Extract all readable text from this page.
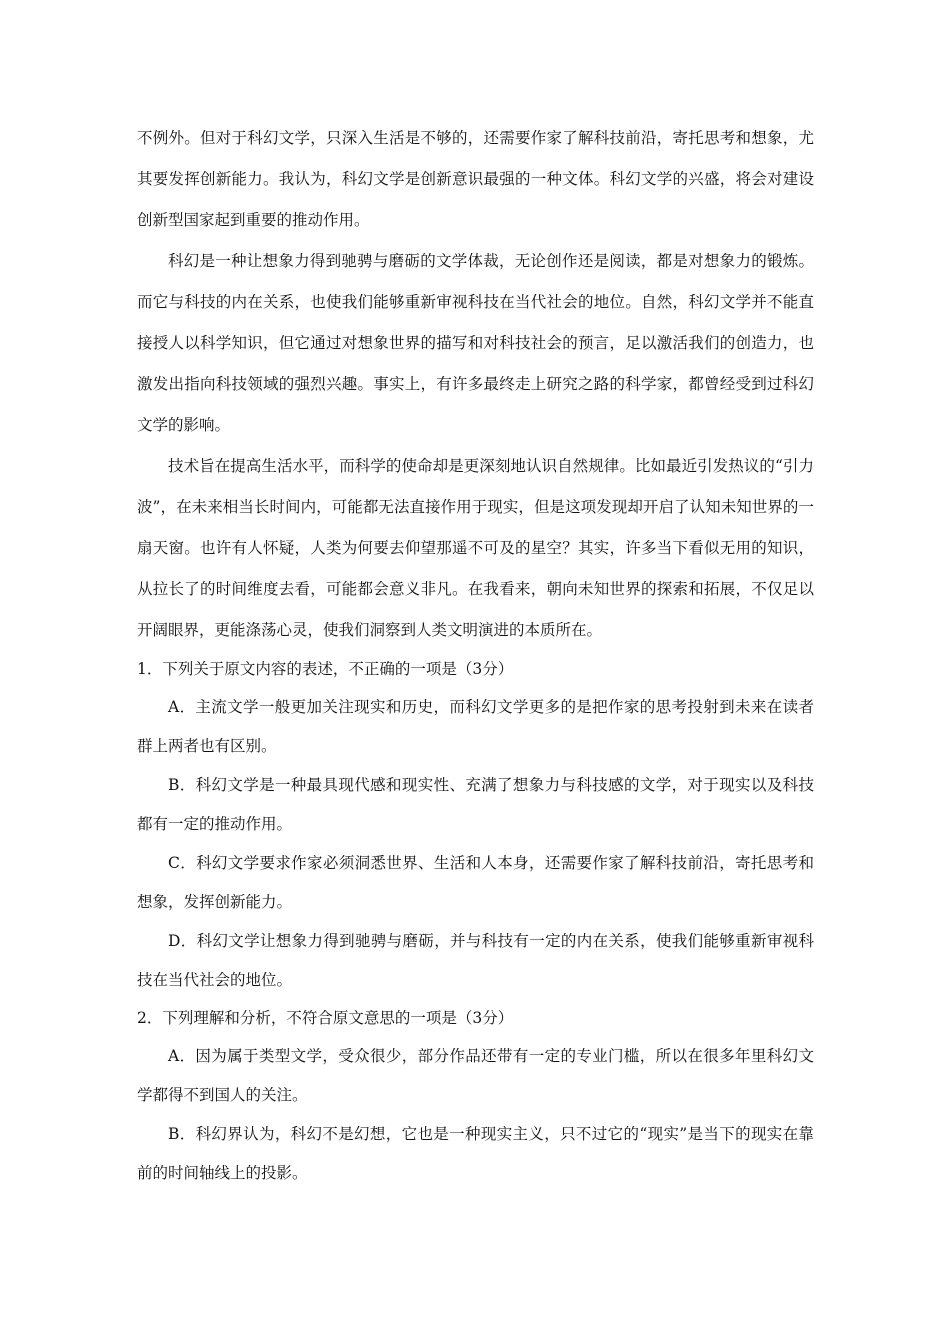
不例外。但对于科幻文学，只深入生活是不够的，还需要作家了解科技前沿，寄托思考和想象，尤其要发挥创新能力。我认为，科幻文学是创新意识最强的一种文体。科幻文学的兴盛，将会对建设创新型国家起到重要的推动作用。

科幻是一种让想象力得到驰骋与磨砺的文学体裁，无论创作还是阅读，都是对想象力的锻炼。而它与科技的内在关系，也使我们能够重新审视科技在当代社会的地位。自然，科幻文学并不能直接授人以科学知识，但它通过对想象世界的描写和对科技社会的预言，足以激活我们的创造力，也激发出指向科技领域的强烈兴趣。事实上，有许多最终走上研究之路的科学家，都曾经受到过科幻文学的影响。

技术旨在提高生活水平，而科学的使命却是更深刻地认识自然规律。比如最近引发热议的“引力波”，在未来相当长时间内，可能都无法直接作用于现实，但是这项发现却开启了认知未知世界的一扇天窗。也许有人怀疑，人类为何要去仰望那遥不可及的星空？其实，许多当下看似无用的知识，从拉长了的时间维度去看，可能都会意义非凡。在我看来，朝向未知世界的探索和拓展，不仅足以开阔眼界，更能涤荡心灵，使我们洞察到人类文明演进的本质所在。

1．下列关于原文内容的表述，不正确的一项是（3分）

A．主流文学一般更加关注现实和历史，而科幻文学更多的是把作家的思考投射到未来在读者群上两者也有区别。

B．科幻文学是一种最具现代感和现实性、充满了想象力与科技感的文学，对于现实以及科技都有一定的推动作用。

C．科幻文学要求作家必须洞悉世界、生活和人本身，还需要作家了解科技前沿，寄托思考和想象，发挥创新能力。

D．科幻文学让想象力得到驰骋与磨砺，并与科技有一定的内在关系，使我们能够重新审视科技在当代社会的地位。

2．下列理解和分析，不符合原文意思的一项是（3分）

A．因为属于类型文学，受众很少，部分作品还带有一定的专业门槛，所以在很多年里科幻文学都得不到国人的关注。

B．科幻界认为，科幻不是幻想，它也是一种现实主义，只不过它的“现实”是当下的现实在靠前的时间轴线上的投影。
